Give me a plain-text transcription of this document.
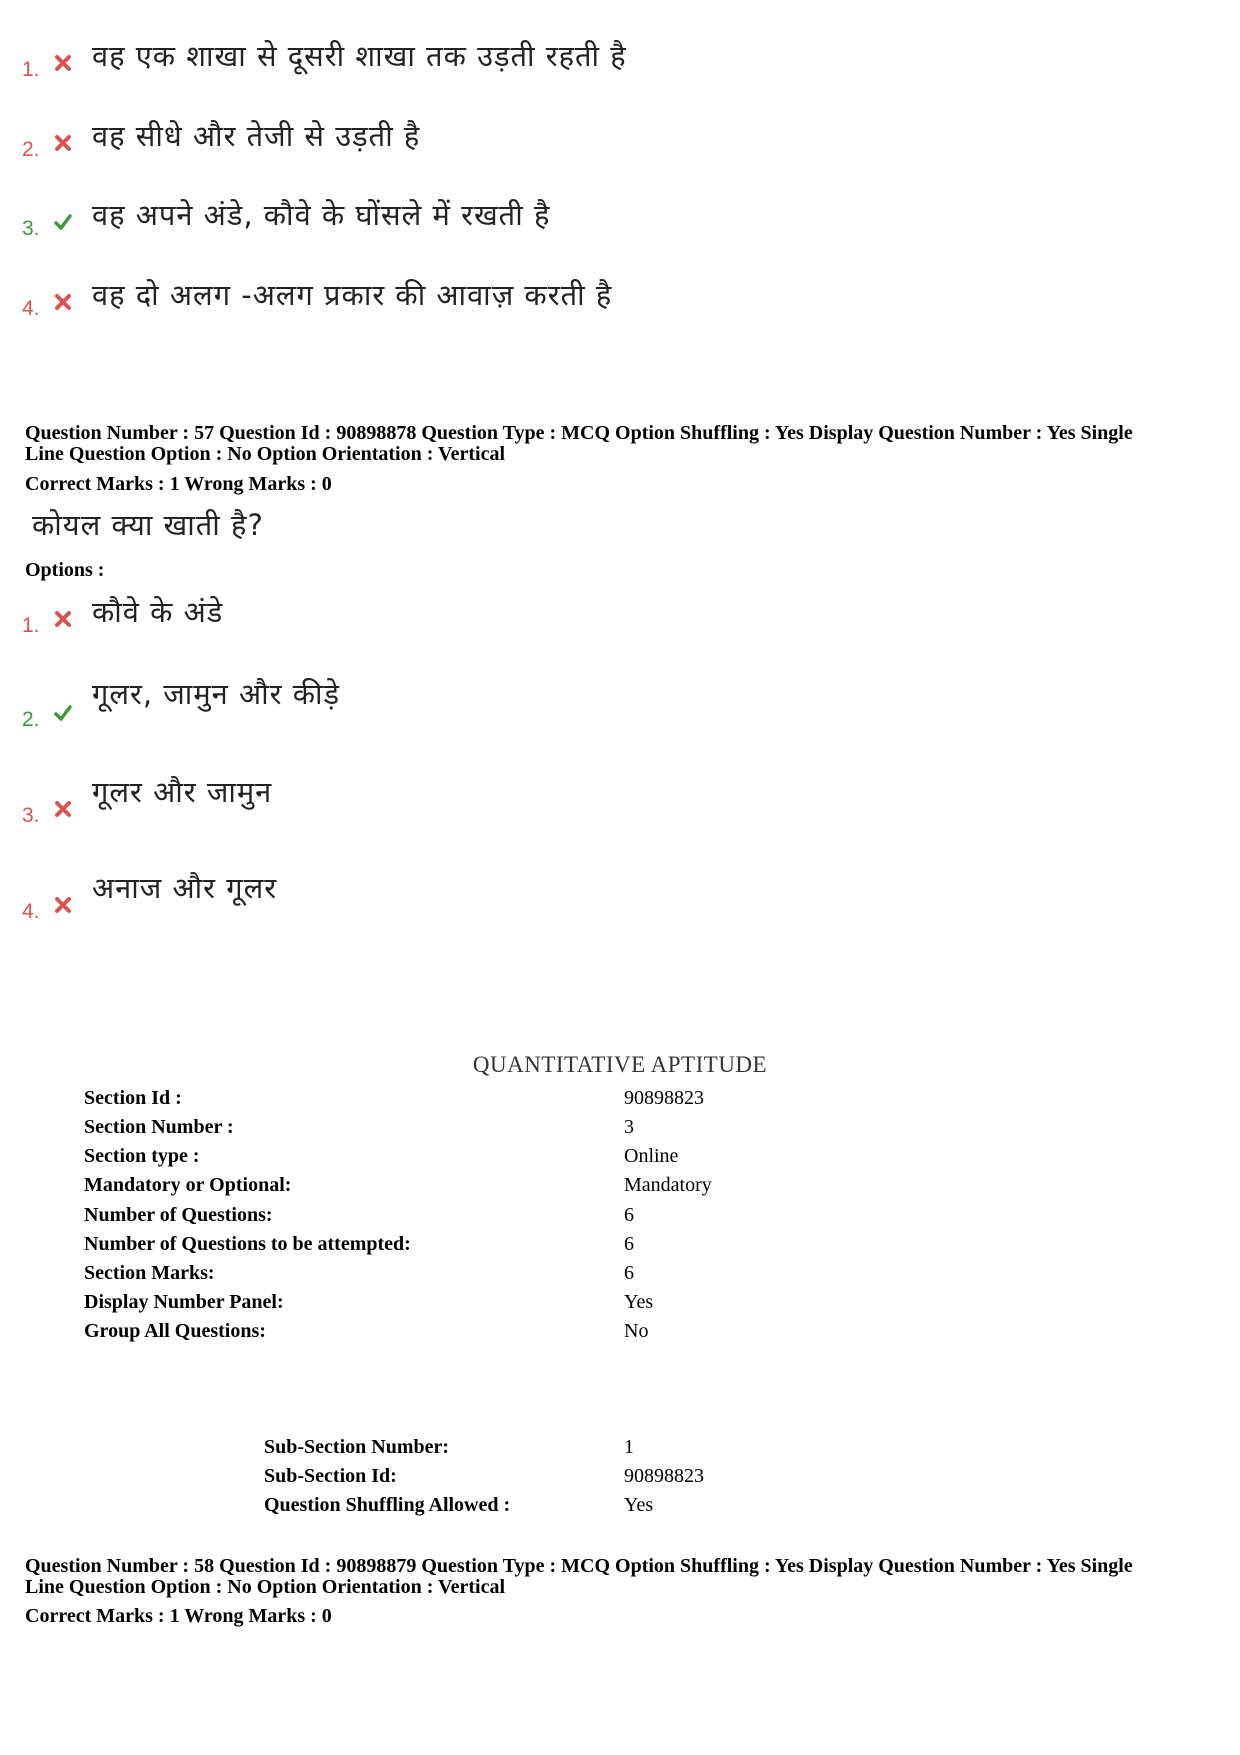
1. वह एक शाखा से दूसरी शाखा तक उड़ती रहती है
2. वह सीधे और तेजी से उड़ती है
3. वह अपने अंडे, कौवे के घोंसले में रखती है
4. वह दो अलग -अलग प्रकार की आवाज़ करती है
Question Number : 57 Question Id : 90898878 Question Type : MCQ Option Shuffling : Yes Display Question Number : Yes Single
Line Question Option : No Option Orientation : Vertical
Correct Marks : 1 Wrong Marks : 0
कोयल क्या खाती है?
Options :
1. कौवे के अंडे
2.
गूलर, जामुन और कीड़े
3.
गूलर और जामुन
4.
अनाज और गूलर
QUANTITATIVE APTITUDE
Section Id :	90898823
Section Number :	3
Section type :	Online
Mandatory or Optional:	Mandatory
Number of Questions:	6
Number of Questions to be attempted:	6
Section Marks:	6
Display Number Panel:	Yes
Group All Questions:	No
Sub-Section Number:	1
Sub-Section Id:	90898823
Question Shuffling Allowed :	Yes
Question Number : 58 Question Id : 90898879 Question Type : MCQ Option Shuffling : Yes Display Question Number : Yes Single
Line Question Option : No Option Orientation : Vertical
Correct Marks : 1 Wrong Marks : 0
